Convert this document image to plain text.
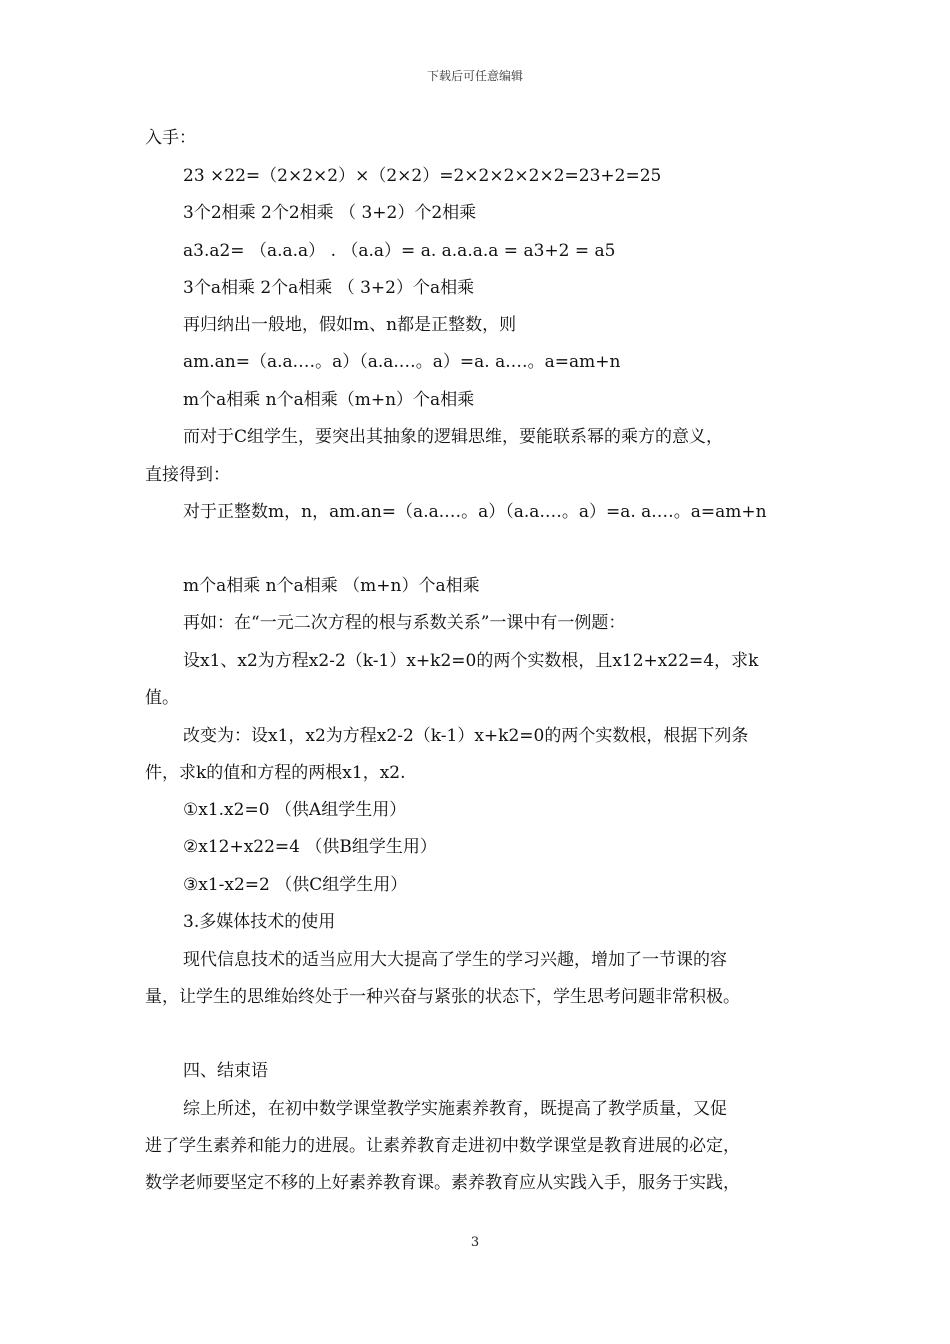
下载后可任意编辑
入手：
23 ×22=（2×2×2）×（2×2）=2×2×2×2×2=23+2=25
3个2相乘 2个2相乘 （ 3+2）个2相乘
a3.a2= （a.a.a） . （a.a）= a. a.a.a.a = a3+2 = a5
3个a相乘 2个a相乘 （ 3+2）个a相乘
再归纳出一般地，假如m、n都是正整数，则
am.an=（a.a.…。a）（a.a.…。a）=a. a.…。a=am+n
m个a相乘 n个a相乘（m+n）个a相乘
而对于C组学生，要突出其抽象的逻辑思维，要能联系幂的乘方的意义，
直接得到：
对于正整数m，n，am.an=（a.a.…。a）（a.a.…。a）=a. a.…。a=am+n
m个a相乘 n个a相乘 （m+n）个a相乘
再如：在“一元二次方程的根与系数关系”一课中有一例题：
设x1、x2为方程x2-2（k-1）x+k2=0的两个实数根，且x12+x22=4，求k
值。
改变为：设x1，x2为方程x2-2（k-1）x+k2=0的两个实数根，根据下列条
件，求k的值和方程的两根x1，x2.
①x1.x2=0 （供A组学生用）
②x12+x22=4 （供B组学生用）
③x1-x2=2 （供C组学生用）
3.多媒体技术的使用
现代信息技术的适当应用大大提高了学生的学习兴趣，增加了一节课的容
量，让学生的思维始终处于一种兴奋与紧张的状态下，学生思考问题非常积极。
四、结束语
综上所述，在初中数学课堂教学实施素养教育，既提高了教学质量，又促
进了学生素养和能力的进展。让素养教育走进初中数学课堂是教育进展的必定，
数学老师要坚定不移的上好素养教育课。素养教育应从实践入手，服务于实践，
3
